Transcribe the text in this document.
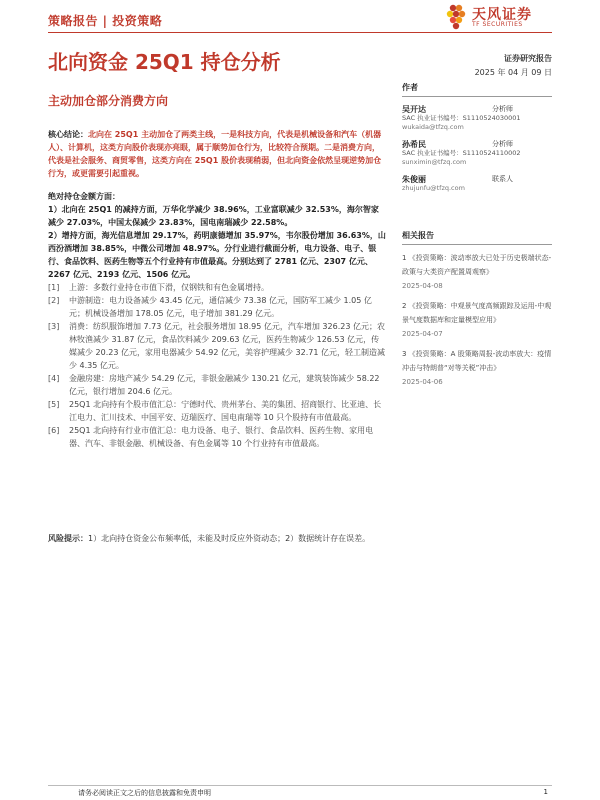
策略报告 | 投资策略	天风证券
TF SECURITIES
北向资金 25Q1 持仓分析	证券研究报告
2025 年 04 月 09 日
主动加仓部分消费方向

核心结论：北向在 25Q1 主动加仓了两类主线，一是科技方向，代表是机械设备和汽车（机器人）、计算机，这类方向股价表现亦亮眼，属于顺势加仓行为，比较符合预期。二是消费方向，代表是社会服务、商贸零售，这类方向在 25Q1 股价表现稍弱，但北向资金依然呈现逆势加仓行为，或更需要引起重视。

绝对持仓金额方面：

1）北向在 25Q1 的减持方面，万华化学减少 38.96%，工业富联减少 32.53%，海尔智家减少 27.03%，中国太保减少 23.83%，国电南瑞减少 22.58%。

2）增持方面，海光信息增加 29.17%，药明康德增加 35.97%，韦尔股份增加 36.63%，山西汾酒增加 38.85%，中微公司增加 48.97%。分行业进行截面分析，电力设备、电子、银行、食品饮料、医药生物等五个行业持有市值最高。分别达到了 2781 亿元、2307 亿元、2267 亿元、2193 亿元、1506 亿元。

[1]	上游：多数行业持仓市值下滑，仅钢铁和有色金属增持。
[2]	中游制造：电力设备减少 43.45 亿元，通信减少 73.38 亿元，国防军工减少 1.05 亿元；机械设备增加 178.05 亿元，电子增加 381.29 亿元。
[3]	消费：纺织服饰增加 7.73 亿元，社会服务增加 18.95 亿元，汽车增加 326.23 亿元；农林牧渔减少 31.87 亿元，食品饮料减少 209.63 亿元，医药生物减少 126.53 亿元，传媒减少 20.23 亿元，家用电器减少 54.92 亿元，美容护理减少 32.71 亿元，轻工制造减少 4.35 亿元。
[4]	金融房建：房地产减少 54.29 亿元，非银金融减少 130.21 亿元，建筑装饰减少 58.22 亿元，银行增加 204.6 亿元。
[5]	25Q1 北向持有个股市值汇总：宁德时代、贵州茅台、美的集团、招商银行、比亚迪、长江电力、汇川技术、中国平安、迈瑞医疗、国电南瑞等 10 只个股持有市值最高。
[6]	25Q1 北向持有行业市值汇总：电力设备、电子、银行、食品饮料、医药生物、家用电器、汽车、非银金融、机械设备、有色金属等 10 个行业持有市值最高。

风险提示：1）北向持仓资金公布频率低，未能及时反应外资动态；2）数据统计存在误差。

作者
吴开达	分析师
SAC 执业证书编号：S1110524030001
wukaida@tfzq.com
孙希民	分析师
SAC 执业证书编号：S1110524110002
sunximin@tfzq.com
朱俊丽	联系人
zhujunfu@tfzq.com
相关报告
1 《投资策略：波动率放大已处于历史极端状态-政策与大类资产配置周观察》
2025-04-08
2 《投资策略：中观景气度高频跟踪及运用-中观景气度数据库和定量模型应用》
2025-04-07
3 《投资策略：A 股策略周报-波动率放大：疫情冲击与特朗普“对等关税”冲击》
2025-04-06
请务必阅读正文之后的信息披露和免责申明	1
